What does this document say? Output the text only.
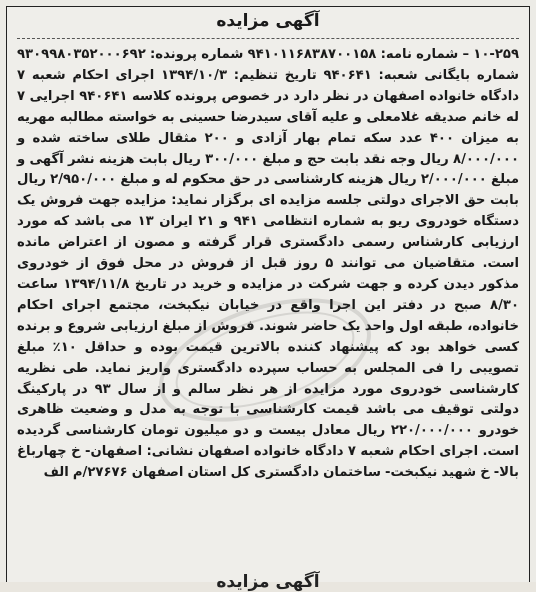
آگهی مزایده
۱۰-۲۵۹ – شماره نامه: ۹۴۱۰۱۱۶۸۳۸۷۰۰۱۵۸ شماره پرونده: ۹۳۰۹۹۸۰۳۵۲۰۰۰۶۹۲ شماره بایگانی شعبه: ۹۴۰۶۴۱ تاریخ تنظیم: ۱۳۹۴/۱۰/۳ اجرای احکام شعبه ۷ دادگاه خانواده اصفهان در نظر دارد در خصوص پرونده کلاسه ۹۴۰۶۴۱ اجرایی ۷ له خانم صدیقه غلامعلی و علیه آقای سیدرضا حسینی به خواسته مطالبه مهریه به میزان ۴۰۰ عدد سکه تمام بهار آزادی و ۲۰۰ مثقال طلای ساخته شده و ۸/۰۰۰/۰۰۰ ریال وجه نقد بابت حج و مبلغ ۳۰۰/۰۰۰ ریال بابت هزینه نشر آگهی و مبلغ ۲/۰۰۰/۰۰۰ ریال هزینه کارشناسی در حق محکوم له و مبلغ ۲/۹۵۰/۰۰۰ ریال بابت حق الاجرای دولتی جلسه مزایده ای برگزار نماید: مزایده جهت فروش یک دستگاه خودروی ریو به شماره انتظامی ۹۴۱ و ۲۱ ایران ۱۳ می باشد که مورد ارزیابی کارشناس رسمی دادگستری قرار گرفته و مصون از اعتراض مانده است. متقاضیان می توانند ۵ روز قبل از فروش در محل فوق از خودروی مذکور دیدن کرده و جهت شرکت در مزایده و خرید در تاریخ ۱۳۹۴/۱۱/۸ ساعت ۸/۳۰ صبح در دفتر این اجرا واقع در خیابان نیکبخت، مجتمع اجرای احکام خانواده، طبقه اول واحد یک حاضر شوند. فروش از مبلغ ارزیابی شروع و برنده کسی خواهد بود که پیشنهاد کننده بالاترین قیمت بوده و حداقل ۱۰٪ مبلغ تصویبی را فی المجلس به حساب سپرده دادگستری واریز نماید. طی نظریه کارشناسی خودروی مورد مزایده از هر نظر سالم و از سال ۹۳ در پارکینگ دولتی توقیف می باشد قیمت کارشناسی با توجه به مدل و وضعیت ظاهری خودرو ۲۲۰/۰۰۰/۰۰۰ ریال معادل بیست و دو میلیون تومان کارشناسی گردیده است. اجرای احکام شعبه ۷ دادگاه خانواده اصفهان نشانی: اصفهان- خ چهارباغ بالا- خ شهید نیکبخت- ساختمان دادگستری کل استان اصفهان ۲۷۶۷۶/م الف
آگهی مزایده
